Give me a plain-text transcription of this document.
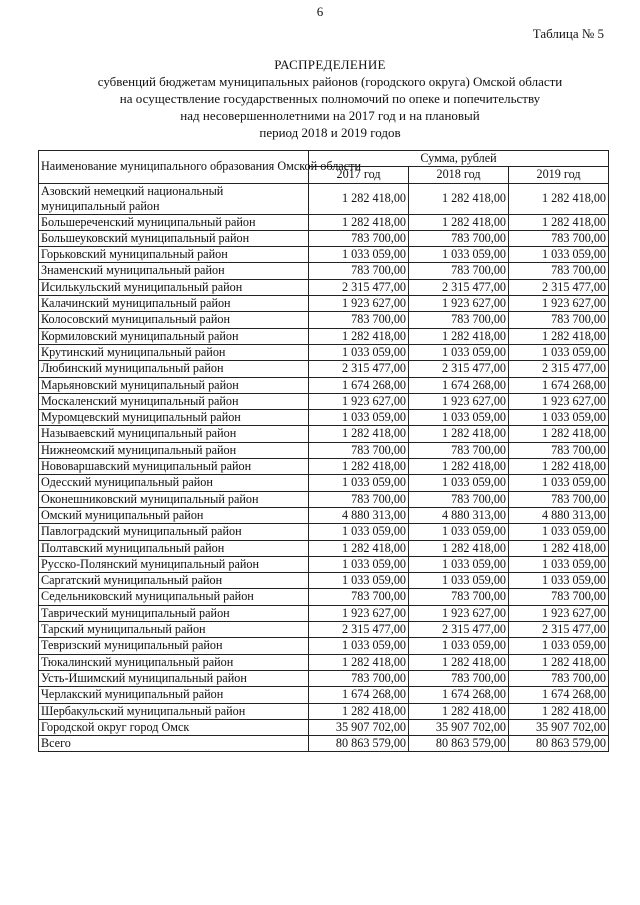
6
Таблица № 5
РАСПРЕДЕЛЕНИЕ
субвенций бюджетам муниципальных районов (городского округа) Омской области
на осуществление государственных полномочий по опеке и попечительству
над несовершеннолетними на 2017 год и на плановый
период 2018 и 2019 годов
Наименование муниципального образования Омской области	Сумма, рублей		
	2017 год	2018 год	2019 год
Азовский немецкий национальный муниципальный район	1 282 418,00	1 282 418,00	1 282 418,00
Большереченский муниципальный район	1 282 418,00	1 282 418,00	1 282 418,00
Большеуковский муниципальный район	783 700,00	783 700,00	783 700,00
Горьковский муниципальный район	1 033 059,00	1 033 059,00	1 033 059,00
Знаменский муниципальный район	783 700,00	783 700,00	783 700,00
Исилькульский муниципальный район	2 315 477,00	2 315 477,00	2 315 477,00
Калачинский муниципальный район	1 923 627,00	1 923 627,00	1 923 627,00
Колосовский муниципальный район	783 700,00	783 700,00	783 700,00
Кормиловский муниципальный район	1 282 418,00	1 282 418,00	1 282 418,00
Крутинский муниципальный район	1 033 059,00	1 033 059,00	1 033 059,00
Любинский муниципальный район	2 315 477,00	2 315 477,00	2 315 477,00
Марьяновский муниципальный район	1 674 268,00	1 674 268,00	1 674 268,00
Москаленский муниципальный район	1 923 627,00	1 923 627,00	1 923 627,00
Муромцевский муниципальный район	1 033 059,00	1 033 059,00	1 033 059,00
Называевский муниципальный район	1 282 418,00	1 282 418,00	1 282 418,00
Нижнеомский муниципальный район	783 700,00	783 700,00	783 700,00
Нововаршавский муниципальный район	1 282 418,00	1 282 418,00	1 282 418,00
Одесский муниципальный район	1 033 059,00	1 033 059,00	1 033 059,00
Оконешниковский муниципальный район	783 700,00	783 700,00	783 700,00
Омский муниципальный район	4 880 313,00	4 880 313,00	4 880 313,00
Павлоградский муниципальный район	1 033 059,00	1 033 059,00	1 033 059,00
Полтавский муниципальный район	1 282 418,00	1 282 418,00	1 282 418,00
Русско-Полянский муниципальный район	1 033 059,00	1 033 059,00	1 033 059,00
Саргатский муниципальный район	1 033 059,00	1 033 059,00	1 033 059,00
Седельниковский муниципальный район	783 700,00	783 700,00	783 700,00
Таврический муниципальный район	1 923 627,00	1 923 627,00	1 923 627,00
Тарский муниципальный район	2 315 477,00	2 315 477,00	2 315 477,00
Тевризский муниципальный район	1 033 059,00	1 033 059,00	1 033 059,00
Тюкалинский муниципальный район	1 282 418,00	1 282 418,00	1 282 418,00
Усть-Ишимский муниципальный район	783 700,00	783 700,00	783 700,00
Черлакский муниципальный район	1 674 268,00	1 674 268,00	1 674 268,00
Шербакульский муниципальный район	1 282 418,00	1 282 418,00	1 282 418,00
Городской округ город Омск	35 907 702,00	35 907 702,00	35 907 702,00
Всего	80 863 579,00	80 863 579,00	80 863 579,00
